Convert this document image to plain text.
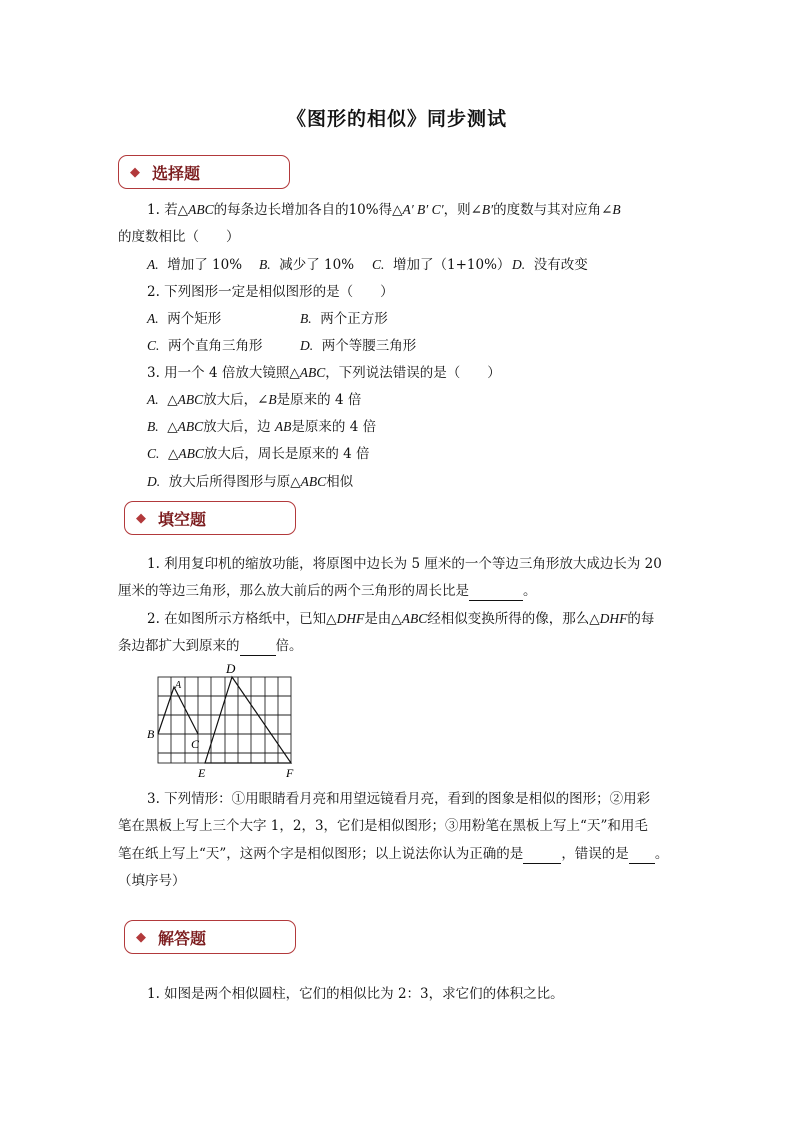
《图形的相似》同步测试
◆ 选择题
1. 若△ABC的每条边长增加各自的10%得△A′ B′ C′，则∠B′的度数与其对应角∠B
的度数相比（　　）
A. 增加了 10% B. 减少了 10% C. 增加了（1+10%） D. 没有改变
2. 下列图形一定是相似图形的是（　　）
A. 两个矩形	B. 两个正方形
C. 两个直角三角形	D. 两个等腰三角形
3. 用一个 4 倍放大镜照△ABC，下列说法错误的是（　　）
A. △ABC放大后，∠B是原来的 4 倍
B. △ABC放大后，边 AB是原来的 4 倍
C. △ABC放大后，周长是原来的 4 倍
D. 放大后所得图形与原△ABC相似
◆ 填空题
1. 利用复印机的缩放功能，将原图中边长为 5 厘米的一个等边三角形放大成边长为 20
厘米的等边三角形，那么放大前后的两个三角形的周长比是	。
2. 在如图所示方格纸中，已知△DHF是由△ABC经相似变换所得的像，那么△DHF的每
条边都扩大到原来的	倍。
A
B
C
D
E	F
3. 下列情形：①用眼睛看月亮和用望远镜看月亮，看到的图象是相似的图形；②用彩
笔在黑板上写上三个大字 1，2，3，它们是相似图形；③用粉笔在黑板上写上“天”和用毛
笔在纸上写上“天”，这两个字是相似图形；以上说法你认为正确的是	，错误的是 。
（填序号）
◆ 解答题
1. 如图是两个相似圆柱，它们的相似比为 2：3，求它们的体积之比。
